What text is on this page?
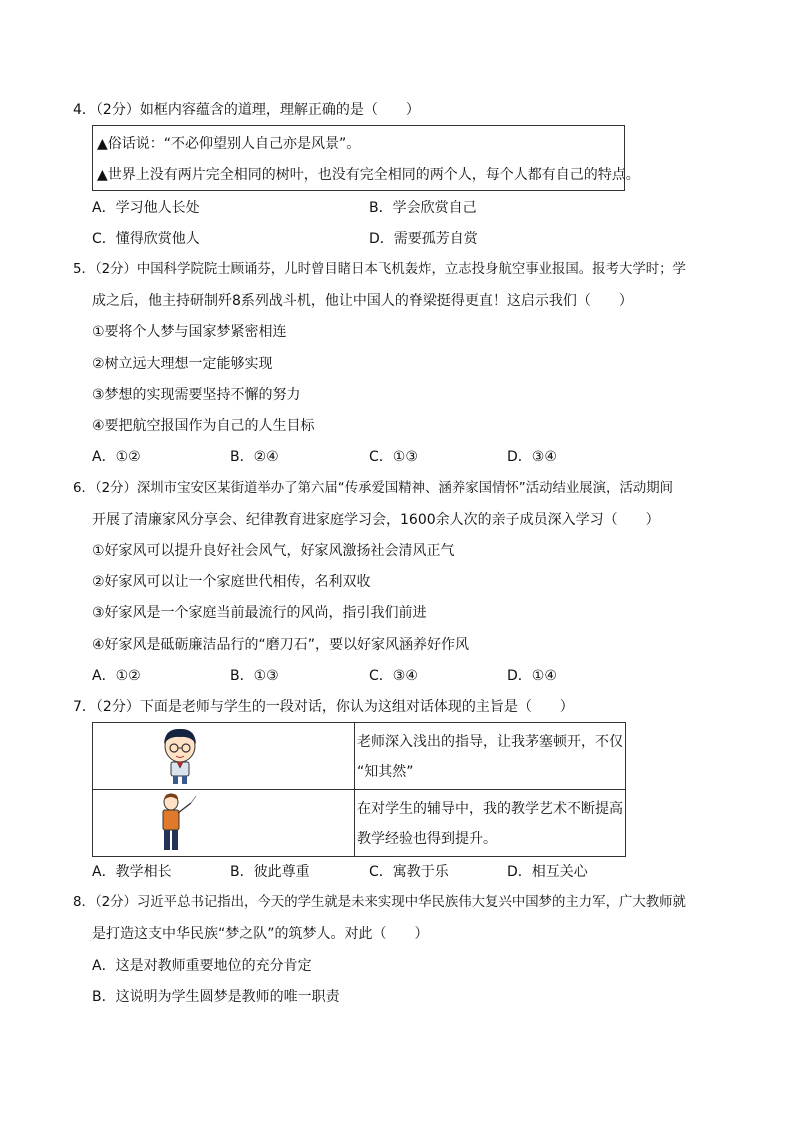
4．（2分）如框内容蕴含的道理，理解正确的是（　　）
▲俗话说：“不必仰望别人自己亦是风景”。
▲世界上没有两片完全相同的树叶，也没有完全相同的两个人，每个人都有自己的特点。
A．学习他人长处	B．学会欣赏自己
C．懂得欣赏他人	D．需要孤芳自赏
5．（2分）中国科学院院士顾诵芬，儿时曾目睹日本飞机轰炸，立志投身航空事业报国。报考大学时；学
成之后，他主持研制歼8系列战斗机，他让中国人的脊梁挺得更直！这启示我们（　　）
①要将个人梦与国家梦紧密相连
②树立远大理想一定能够实现
③梦想的实现需要坚持不懈的努力
④要把航空报国作为自己的人生目标
A．①②	B．②④	C．①③	D．③④
6．（2分）深圳市宝安区某街道举办了第六届“传承爱国精神、涵养家国情怀”活动结业展演，活动期间
开展了清廉家风分享会、纪律教育进家庭学习会，1600余人次的亲子成员深入学习（　　）
①好家风可以提升良好社会风气，好家风激扬社会清风正气
②好家风可以让一个家庭世代相传，名利双收
③好家风是一个家庭当前最流行的风尚，指引我们前进
④好家风是砥砺廉洁品行的“磨刀石”，要以好家风涵养好作风
A．①②	B．①③	C．③④	D．①④
7．（2分）下面是老师与学生的一段对话，你认为这组对话体现的主旨是（　　）

老师深入浅出的指导，让我茅塞顿开，不仅
“知其然”

在对学生的辅导中，我的教学艺术不断提高
教学经验也得到提升。
A．教学相长	B．彼此尊重	C．寓教于乐	D．相互关心
8．（2分）习近平总书记指出，今天的学生就是未来实现中华民族伟大复兴中国梦的主力军，广大教师就
是打造这支中华民族“梦之队”的筑梦人。对此（　　）
A．这是对教师重要地位的充分肯定
B．这说明为学生圆梦是教师的唯一职责
